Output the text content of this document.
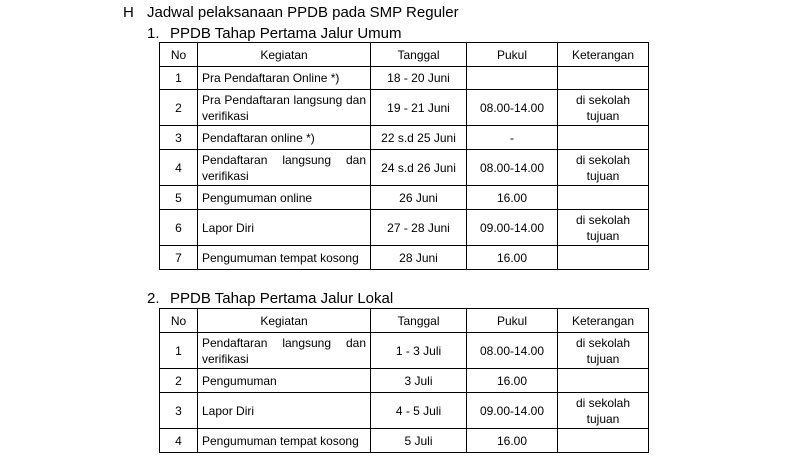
H Jadwal pelaksanaan PPDB pada SMP Reguler
1. PPDB Tahap Pertama Jalur Umum
No	Kegiatan	Tanggal	Pukul	Keterangan
1	Pra Pendaftaran Online *)	18 - 20 Juni		
2	Pra Pendaftaran langsung dan verifikasi	19 - 21 Juni	08.00-14.00	di sekolah tujuan
3	Pendaftaran online *)	22 s.d 25 Juni	-	
4	Pendaftaran langsung dan verifikasi	24 s.d 26 Juni	08.00-14.00	di sekolah tujuan
5	Pengumuman online	26 Juni	16.00	
6	Lapor Diri	27 - 28 Juni	09.00-14.00	di sekolah tujuan
7	Pengumuman tempat kosong	28 Juni	16.00	
2. PPDB Tahap Pertama Jalur Lokal
No	Kegiatan	Tanggal	Pukul	Keterangan
1	Pendaftaran langsung dan verifikasi	1 - 3 Juli	08.00-14.00	di sekolah tujuan
2	Pengumuman	3 Juli	16.00	
3	Lapor Diri	4 - 5 Juli	09.00-14.00	di sekolah tujuan
4	Pengumuman tempat kosong	5 Juli	16.00	
